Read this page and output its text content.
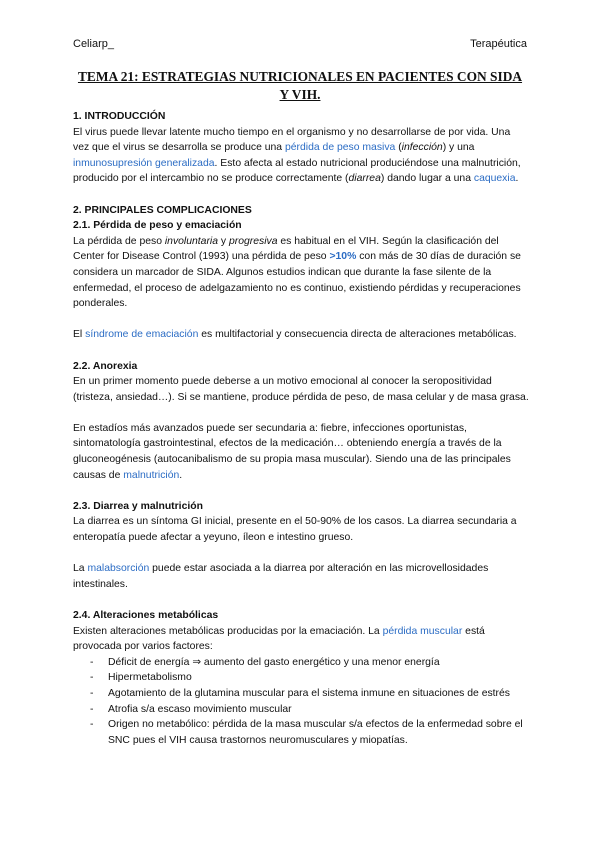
Celiarp_	Terapéutica
TEMA 21: ESTRATEGIAS NUTRICIONALES EN PACIENTES CON SIDA Y VIH.

1. INTRODUCCIÓN

El virus puede llevar latente mucho tiempo en el organismo y no desarrollarse de por vida. Una vez que el virus se desarrolla se produce una pérdida de peso masiva (infección) y una inmunosupresión generalizada. Esto afecta al estado nutricional produciéndose una malnutrición, producido por el intercambio no se produce correctamente (diarrea) dando lugar a una caquexia.

2. PRINCIPALES COMPLICACIONES

2.1. Pérdida de peso y emaciación

La pérdida de peso involuntaria y progresiva es habitual en el VIH. Según la clasificación del Center for Disease Control (1993) una pérdida de peso >10% con más de 30 días de duración se considera un marcador de SIDA. Algunos estudios indican que durante la fase silente de la enfermedad, el proceso de adelgazamiento no es continuo, existiendo pérdidas y recuperaciones ponderales.

El síndrome de emaciación es multifactorial y consecuencia directa de alteraciones metabólicas.

2.2. Anorexia

En un primer momento puede deberse a un motivo emocional al conocer la seropositividad (tristeza, ansiedad…). Si se mantiene, produce pérdida de peso, de masa celular y de masa grasa.

En estadíos más avanzados puede ser secundaria a: fiebre, infecciones oportunistas, sintomatología gastrointestinal, efectos de la medicación… obteniendo energía a través de la gluconeogénesis (autocanibalismo de su propia masa muscular). Siendo una de las principales causas de malnutrición.

2.3. Diarrea y malnutrición

La diarrea es un síntoma GI inicial, presente en el 50-90% de los casos. La diarrea secundaria a enteropatía puede afectar a yeyuno, íleon e intestino grueso.

La malabsorción puede estar asociada a la diarrea por alteración en las microvellosidades intestinales.

2.4. Alteraciones metabólicas

Existen alteraciones metabólicas producidas por la emaciación. La pérdida muscular está provocada por varios factores:

- Déficit de energía ⇒ aumento del gasto energético y una menor energía
- Hipermetabolismo
- Agotamiento de la glutamina muscular para el sistema inmune en situaciones de estrés
- Atrofia s/a escaso movimiento muscular
- Origen no metabólico: pérdida de la masa muscular s/a efectos de la enfermedad sobre el SNC pues el VIH causa trastornos neuromusculares y miopatías.
